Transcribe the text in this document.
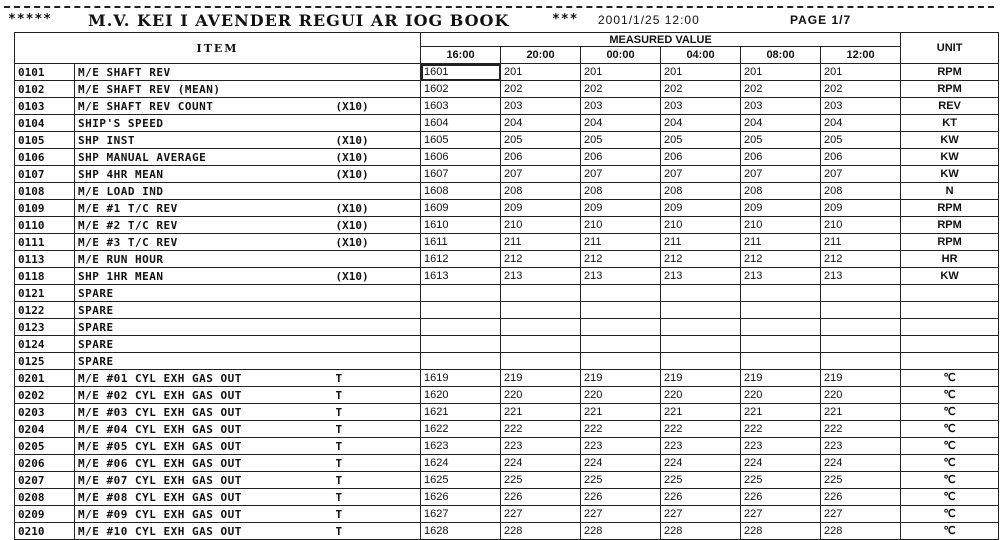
***** M.V. KEI I AVENDER REGUI AR IOG BOOK	*** 2001/1/25 12:00	PAGE 1/7
ITEM			MEASURED VALUE						UNIT
			16:00	20:00	00:00	04:00	08:00	12:00	
0101	M/E SHAFT REV		1601	201	201	201	201	201	RPM
0102	M/E SHAFT REV (MEAN)		1602	202	202	202	202	202	RPM
0103	M/E SHAFT REV COUNT	(X10)	1603	203	203	203	203	203	REV
0104	SHIP'S SPEED		1604	204	204	204	204	204	KT
0105	SHP INST	(X10)	1605	205	205	205	205	205	KW
0106	SHP MANUAL AVERAGE	(X10)	1606	206	206	206	206	206	KW
0107	SHP 4HR MEAN	(X10)	1607	207	207	207	207	207	KW
0108	M/E LOAD IND		1608	208	208	208	208	208	N
0109	M/E #1 T/C REV	(X10)	1609	209	209	209	209	209	RPM
0110	M/E #2 T/C REV	(X10)	1610	210	210	210	210	210	RPM
0111	M/E #3 T/C REV	(X10)	1611	211	211	211	211	211	RPM
0113	M/E RUN HOUR		1612	212	212	212	212	212	HR
0118	SHP 1HR MEAN	(X10)	1613	213	213	213	213	213	KW
0121	SPARE								
0122	SPARE								
0123	SPARE								
0124	SPARE								
0125	SPARE								
0201	M/E #01 CYL EXH GAS OUT	T	1619	219	219	219	219	219	℃
0202	M/E #02 CYL EXH GAS OUT	T	1620	220	220	220	220	220	℃
0203	M/E #03 CYL EXH GAS OUT	T	1621	221	221	221	221	221	℃
0204	M/E #04 CYL EXH GAS OUT	T	1622	222	222	222	222	222	℃
0205	M/E #05 CYL EXH GAS OUT	T	1623	223	223	223	223	223	℃
0206	M/E #06 CYL EXH GAS OUT	T	1624	224	224	224	224	224	℃
0207	M/E #07 CYL EXH GAS OUT	T	1625	225	225	225	225	225	℃
0208	M/E #08 CYL EXH GAS OUT	T	1626	226	226	226	226	226	℃
0209	M/E #09 CYL EXH GAS OUT	T	1627	227	227	227	227	227	℃
0210	M/E #10 CYL EXH GAS OUT	T	1628	228	228	228	228	228	℃
